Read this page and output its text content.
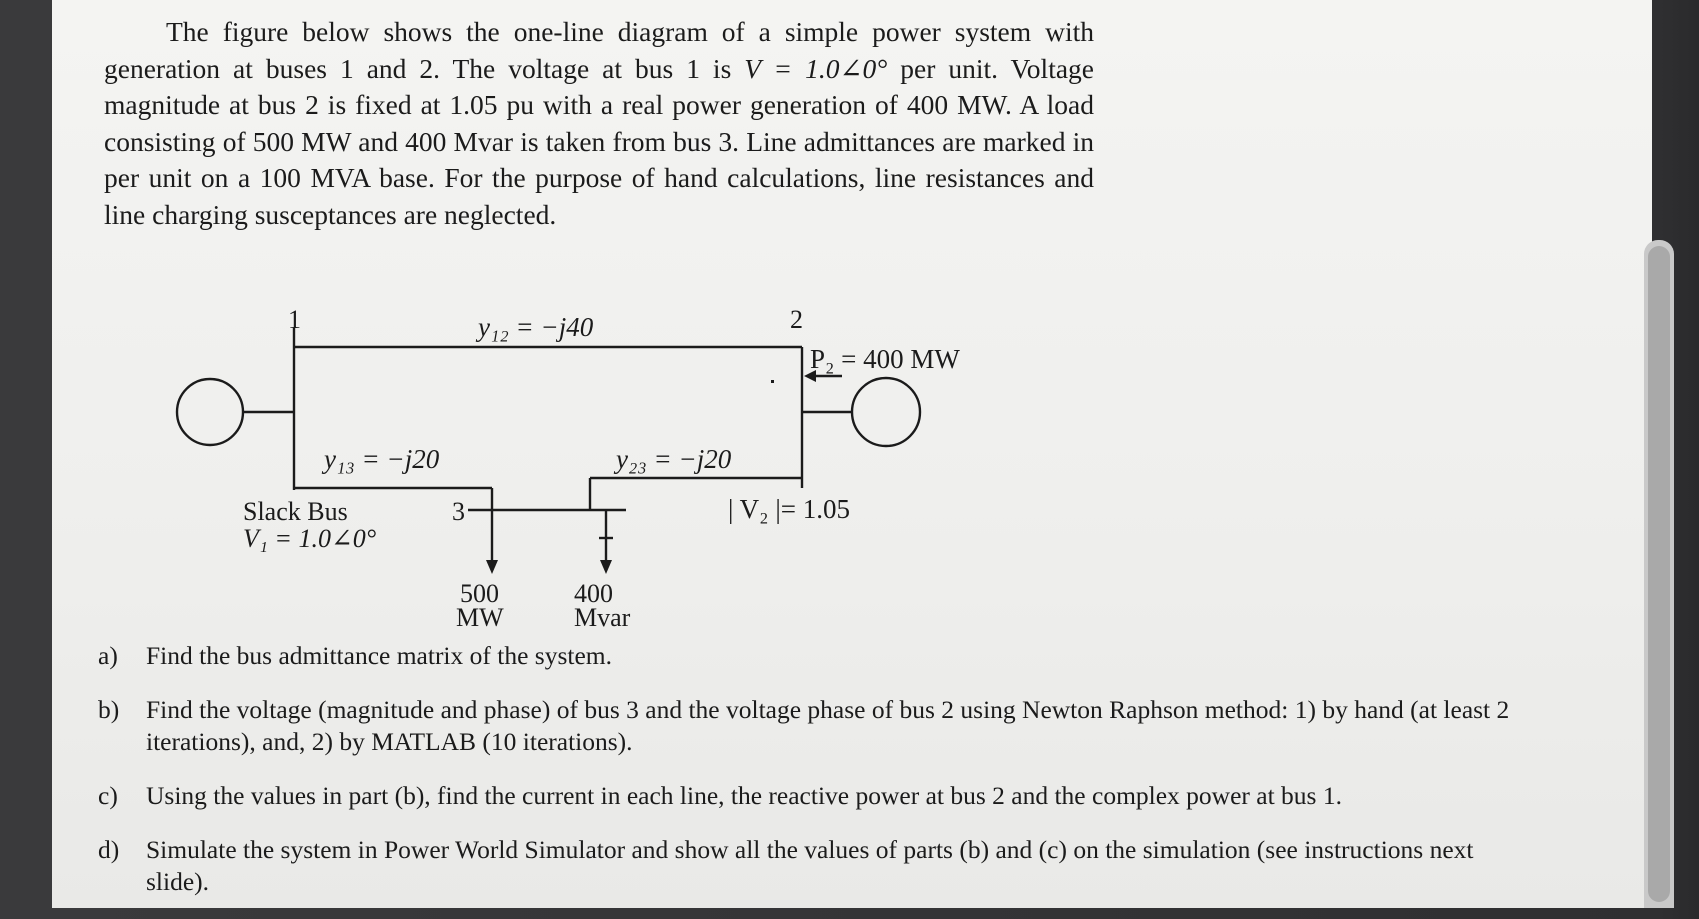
The figure below shows the one-line diagram of a simple power system with generation at buses 1 and 2. The voltage at bus 1 is V = 1.0∠0° per unit. Voltage magnitude at bus 2 is fixed at 1.05 pu with a real power generation of 400 MW. A load consisting of 500 MW and 400 Mvar is taken from bus 3. Line admittances are marked in per unit on a 100 MVA base. For the purpose of hand calculations, line resistances and line charging susceptances are neglected.

1	2
3
y₁₂ = −j40
y₁₃ = −j20	y₂₃ = −j20
P₂ = 400 MW
Slack Bus
V₁ = 1.0∠0°
| V₂ |= 1.05
500
MW
400
Mvar
a) Find the bus admittance matrix of the system.
b) Find the voltage (magnitude and phase) of bus 3 and the voltage phase of bus 2 using Newton Raphson method: 1) by hand (at least 2 iterations), and, 2) by MATLAB (10 iterations).
c) Using the values in part (b), find the current in each line, the reactive power at bus 2 and the complex power at bus 1.
d) Simulate the system in Power World Simulator and show all the values of parts (b) and (c) on the simulation (see instructions next slide).
